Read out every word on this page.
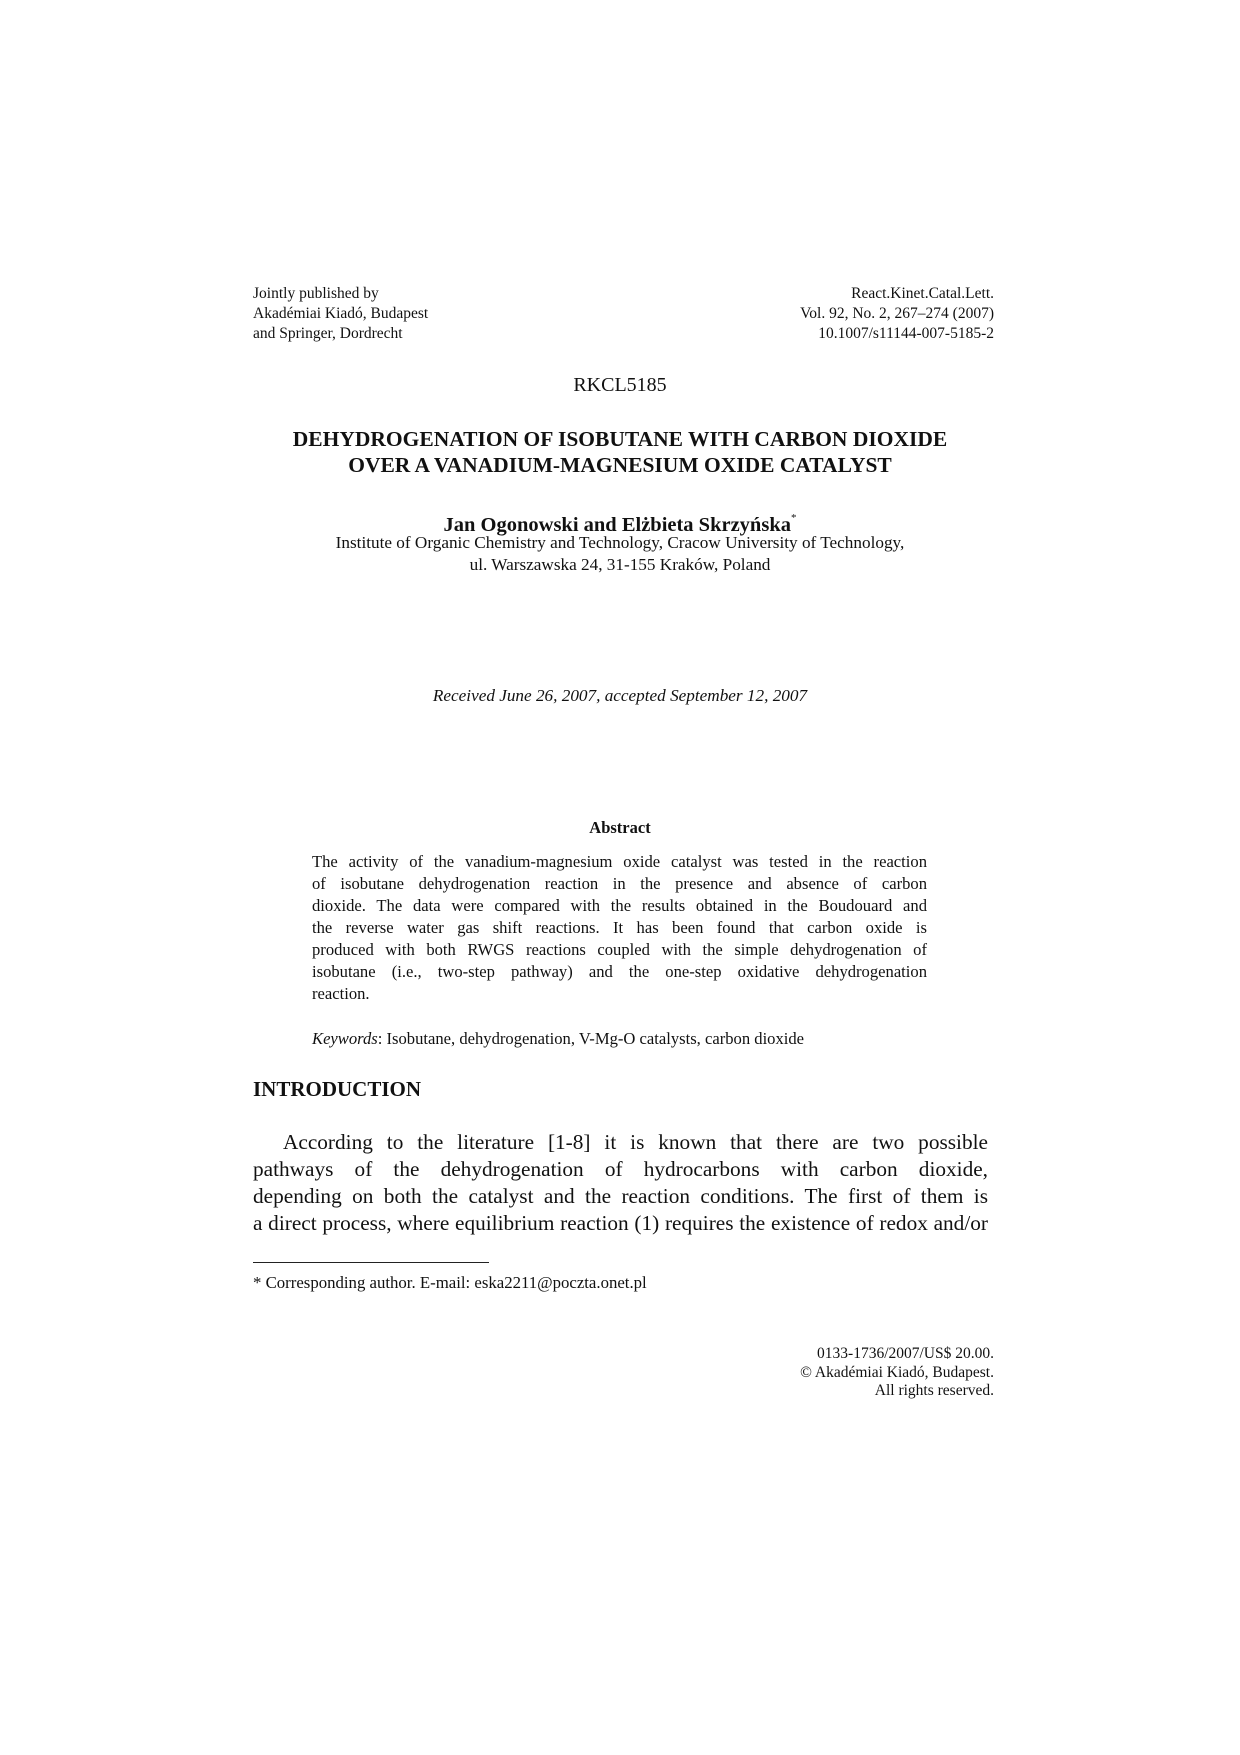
Jointly published by
Akadémiai Kiadó, Budapest
and Springer, Dordrecht
React.Kinet.Catal.Lett.
Vol. 92, No. 2, 267–274 (2007)
10.1007/s11144-007-5185-2
RKCL5185
DEHYDROGENATION OF ISOBUTANE WITH CARBON DIOXIDE
OVER A VANADIUM-MAGNESIUM OXIDE CATALYST
Jan Ogonowski and Elżbieta Skrzyńska*
Institute of Organic Chemistry and Technology, Cracow University of Technology,
ul. Warszawska 24, 31-155 Kraków, Poland
Received June 26, 2007, accepted September 12, 2007
Abstract
The activity of the vanadium-magnesium oxide catalyst was tested in the reaction
of isobutane dehydrogenation reaction in the presence and absence of carbon
dioxide. The data were compared with the results obtained in the Boudouard and
the reverse water gas shift reactions. It has been found that carbon oxide is
produced with both RWGS reactions coupled with the simple dehydrogenation of
isobutane (i.e., two-step pathway) and the one-step oxidative dehydrogenation
reaction.
Keywords: Isobutane, dehydrogenation, V-Mg-O catalysts, carbon dioxide
INTRODUCTION
According to the literature [1-8] it is known that there are two possible
pathways of the dehydrogenation of hydrocarbons with carbon dioxide,
depending on both the catalyst and the reaction conditions. The first of them is
a direct process, where equilibrium reaction (1) requires the existence of redox and/or
* Corresponding author. E-mail: eska2211@poczta.onet.pl
0133-1736/2007/US$ 20.00.
© Akadémiai Kiadó, Budapest.
All rights reserved.
